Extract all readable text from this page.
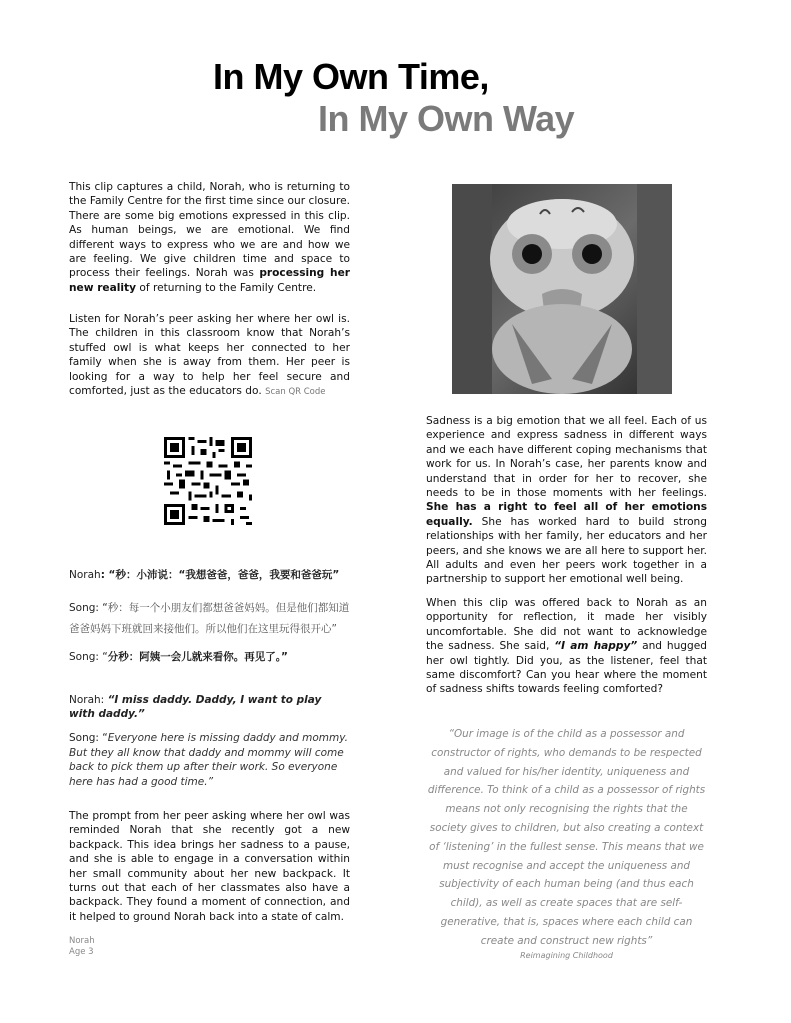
In My Own Time,
In My Own Way
This clip captures a child, Norah, who is returning to the Family Centre for the first time since our closure. There are some big emotions expressed in this clip. As human beings, we are emotional. We find different ways to express who we are and how we are feeling. We give children time and space to process their feelings. Norah was processing her new reality of returning to the Family Centre.
Listen for Norah’s peer asking her where her owl is. The children in this classroom know that Norah’s stuffed owl is what keeps her connected to her family when she is away from them. Her peer is looking for a way to help her feel secure and comforted, just as the educators do. Scan QR Code
Norah: “秒：小沛说：“我想爸爸，爸爸，我要和爸爸玩”
Song: “秒：每一个小朋友们都想爸爸妈妈。但是他们都知道爸爸妈妈下班就回来接他们。所以他们在这里玩得很开心”
Song: “分秒：阿姨一会儿就来看你。再见了。”
Norah: “I miss daddy. Daddy, I want to play with daddy.”
Song: “Everyone here is missing daddy and mommy. But they all know that daddy and mommy will come back to pick them up after their work. So everyone here has had a good time.”
The prompt from her peer asking where her owl was reminded Norah that she recently got a new backpack. This idea brings her sadness to a pause, and she is able to engage in a conversation within her small community about her new backpack. It turns out that each of her classmates also have a backpack. They found a moment of connection, and it helped to ground Norah back into a state of calm.
Norah
Age 3
Sadness is a big emotion that we all feel. Each of us experience and express sadness in different ways and we each have different coping mechanisms that work for us. In Norah’s case, her parents know and understand that in order for her to recover, she needs to be in those moments with her feelings. She has a right to feel all of her emotions equally. She has worked hard to build strong relationships with her family, her educators and her peers, and she knows we are all here to support her. All adults and even her peers work together in a partnership to support her emotional well being.
When this clip was offered back to Norah as an opportunity for reflection, it made her visibly uncomfortable. She did not want to acknowledge the sadness. She said, “I am happy” and hugged her owl tightly. Did you, as the listener, feel that same discomfort? Can you hear where the moment of sadness shifts towards feeling comforted?
“Our image is of the child as a possessor and constructor of rights, who demands to be respected and valued for his/her identity, uniqueness and difference. To think of a child as a possessor of rights means not only recognising the rights that the society gives to children, but also creating a context of ‘listening’ in the fullest sense. This means that we must recognise and accept the uniqueness and subjectivity of each human being (and thus each child), as well as create spaces that are self-generative, that is, spaces where each child can create and construct new rights”
Reimagining Childhood
